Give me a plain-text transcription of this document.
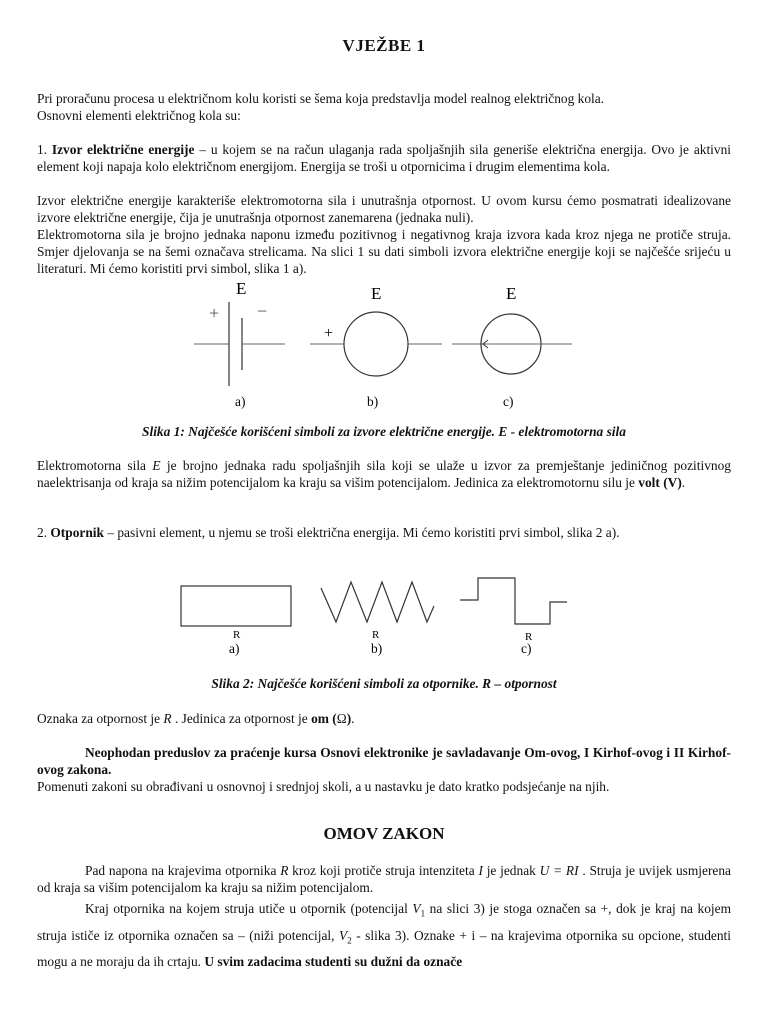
VJEŽBE 1

Pri proračunu procesa u električnom kolu koristi se šema koja predstavlja model realnog električnog kola.
Osnovni elementi električnog kola su:

1. Izvor električne energije – u kojem se na račun ulaganja rada spoljašnjih sila generiše električna energija. Ovo je aktivni element koji napaja kolo električnom energijom. Energija se troši u otpornicima i drugim elementima kola.

Izvor električne energije karakteriše elektromotorna sila i unutrašnja otpornost. U ovom kursu ćemo posmatrati idealizovane izvore električne energije, čija je unutrašnja otpornost zanemarena (jednaka nuli).

Elektromotorna sila je brojno jednaka naponu između pozitivnog i negativnog kraja izvora kada kroz njega ne protiče struja. Smjer djelovanja se na šemi označava strelicama. Na slici 1 su dati simboli izvora električne energije koji se najčešće srijeću u literaturi. Mi ćemo koristiti prvi simbol, slika 1 a).

E
+ −
a)
E
+
b)
E
c)
Slika 1: Najčešće korišćeni simboli za izvore električne energije. E - elektromotorna sila

Elektromotorna sila E je brojno jednaka radu spoljašnjih sila koji se ulaže u izvor za premještanje jediničnog pozitivnog naelektrisanja od kraja sa nižim potencijalom ka kraju sa višim potencijalom. Jedinica za elektromotornu silu je volt (V).

2. Otpornik – pasivni element, u njemu se troši električna energija. Mi ćemo koristiti prvi simbol, slika 2 a).

R
a)
R
b)
R
c)
Slika 2: Najčešće korišćeni simboli za otpornike. R – otpornost

Oznaka za otpornost je R . Jedinica za otpornost je om (Ω).

Neophodan preduslov za praćenje kursa Osnovi elektronike je savladavanje Om-ovog, I Kirhof-ovog i II Kirhof-ovog zakona.
Pomenuti zakoni su obrađivani u osnovnoj i srednjoj skoli, a u nastavku je dato kratko podsjećanje na njih.

OMOV ZAKON

Pad napona na krajevima otpornika R kroz koji protiče struja intenziteta I je jednak U = RI . Struja je uvijek usmjerena od kraja sa višim potencijalom ka kraju sa nižim potencijalom.

Kraj otpornika na kojem struja utiče u otpornik (potencijal $V_1$ na slici 3) je stoga označen sa +, dok je kraj na kojem struja ističe iz otpornika označen sa – (niži potencijal, $V_2$ - slika 3). Oznake + i – na krajevima otpornika su opcione, studenti mogu a ne moraju da ih crtaju. U svim zadacima studenti su dužni da označe
